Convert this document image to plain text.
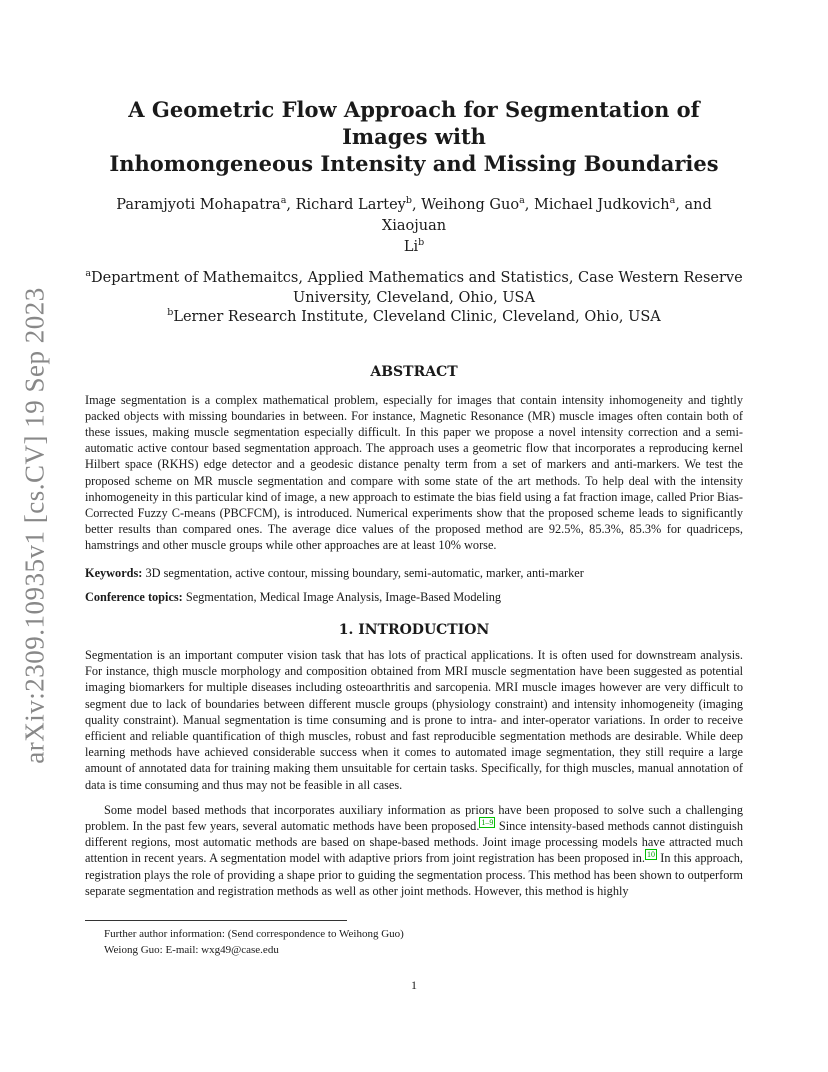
arXiv:2309.10935v1 [cs.CV] 19 Sep 2023
A Geometric Flow Approach for Segmentation of Images with
Inhomongeneous Intensity and Missing Boundaries
Paramjyoti Mohapatra$^a$, Richard Lartey$^b$, Weihong Guo$^a$, Michael Judkovich$^a$, and Xiaojuan
Li$^b$
$^a$Department of Mathemaitcs, Applied Mathematics and Statistics, Case Western Reserve
University, Cleveland, Ohio, USA
$^b$Lerner Research Institute, Cleveland Clinic, Cleveland, Ohio, USA
ABSTRACT

Image segmentation is a complex mathematical problem, especially for images that contain intensity inhomogeneity and tightly packed objects with missing boundaries in between. For instance, Magnetic Resonance (MR) muscle images often contain both of these issues, making muscle segmentation especially difficult. In this paper we propose a novel intensity correction and a semi-automatic active contour based segmentation approach. The approach uses a geometric flow that incorporates a reproducing kernel Hilbert space (RKHS) edge detector and a geodesic distance penalty term from a set of markers and anti-markers. We test the proposed scheme on MR muscle segmentation and compare with some state of the art methods. To help deal with the intensity inhomogeneity in this particular kind of image, a new approach to estimate the bias field using a fat fraction image, called Prior Bias-Corrected Fuzzy C-means (PBCFCM), is introduced. Numerical experiments show that the proposed scheme leads to significantly better results than compared ones. The average dice values of the proposed method are 92.5%, 85.3%, 85.3% for quadriceps, hamstrings and other muscle groups while other approaches are at least 10% worse.

Keywords: 3D segmentation, active contour, missing boundary, semi-automatic, marker, anti-marker

Conference topics: Segmentation, Medical Image Analysis, Image-Based Modeling

1. INTRODUCTION

Segmentation is an important computer vision task that has lots of practical applications. It is often used for downstream analysis. For instance, thigh muscle morphology and composition obtained from MRI muscle segmentation have been suggested as potential imaging biomarkers for multiple diseases including osteoarthritis and sarcopenia. MRI muscle images however are very difficult to segment due to lack of boundaries between different muscle groups (physiology constraint) and intensity inhomogeneity (imaging quality constraint). Manual segmentation is time consuming and is prone to intra- and inter-operator variations. In order to receive efficient and reliable quantification of thigh muscles, robust and fast reproducible segmentation methods are desirable. While deep learning methods have achieved considerable success when it comes to automated image segmentation, they still require a large amount of annotated data for training making them unsuitable for certain tasks. Specifically, for thigh muscles, manual annotation of data is time consuming and thus may not be feasible in all cases.

Some model based methods that incorporates auxiliary information as priors have been proposed to solve such a challenging problem. In the past few years, several automatic methods have been proposed. $^{1-9}$ Since intensity-based methods cannot distinguish different regions, most automatic methods are based on shape-based methods. Joint image processing models have attracted much attention in recent years. A segmentation model with adaptive priors from joint registration has been proposed in. $^{10}$ In this approach, registration plays the role of providing a shape prior to guiding the segmentation process. This method has been shown to outperform separate segmentation and registration methods as well as other joint methods. However, this method is highly

Further author information: (Send correspondence to Weihong Guo)
Weiong Guo: E-mail: wxg49@case.edu
1
